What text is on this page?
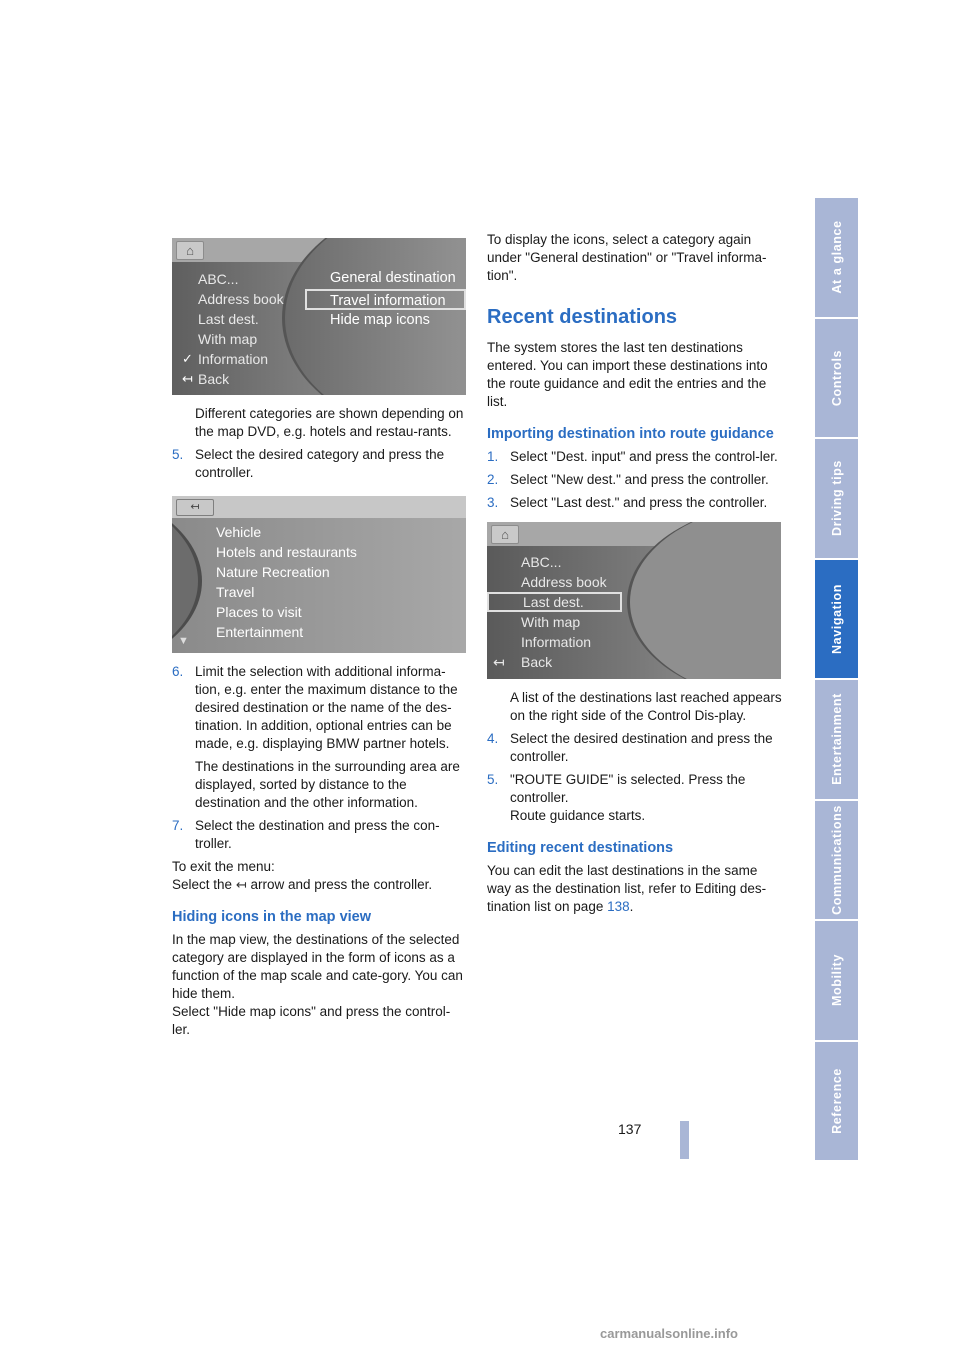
At a glance
Controls
Driving tips
Navigation
Entertainment
Communications
Mobility
Reference
⌂
ABC...
Address book
Last dest.
With map
✓ Information
↤ Back
General destination
Travel information
Hide map icons

Different categories are shown depending on the map DVD, e.g. hotels and restau-rants.

5. Select the desired category and press the controller.
↤
Vehicle
Hotels and restaurants
Nature Recreation
Travel
Places to visit
Entertainment
▼
6. Limit the selection with additional informa-tion, e.g. enter the maximum distance to the desired destination or the name of the des-tination. In addition, optional entries can be made, e.g. displaying BMW partner hotels.

The destinations in the surrounding area are displayed, sorted by distance to the destination and the other information.

7. Select the destination and press the con-troller.

To exit the menu:
Select the ↤ arrow and press the controller.

Hiding icons in the map view

In the map view, the destinations of the selected category are displayed in the form of icons as a function of the map scale and cate-gory. You can hide them.
Select "Hide map icons" and press the control-ler.

To display the icons, select a category again under "General destination" or "Travel informa-tion".

Recent destinations

The system stores the last ten destinations entered. You can import these destinations into the route guidance and edit the entries and the list.

Importing destination into route guidance
1. Select "Dest. input" and press the control-ler.
2. Select "New dest." and press the controller.
3. Select "Last dest." and press the controller.
⌂
ABC...
Address book
Last dest.
With map
Information
↤ Back

A list of the destinations last reached appears on the right side of the Control Dis-play.

4. Select the desired destination and press the controller.
5. "ROUTE GUIDE" is selected. Press the controller.
Route guidance starts.
Editing recent destinations

You can edit the last destinations in the same way as the destination list, refer to Editing des-tination list on page 138.

137
carmanualsonline.info
